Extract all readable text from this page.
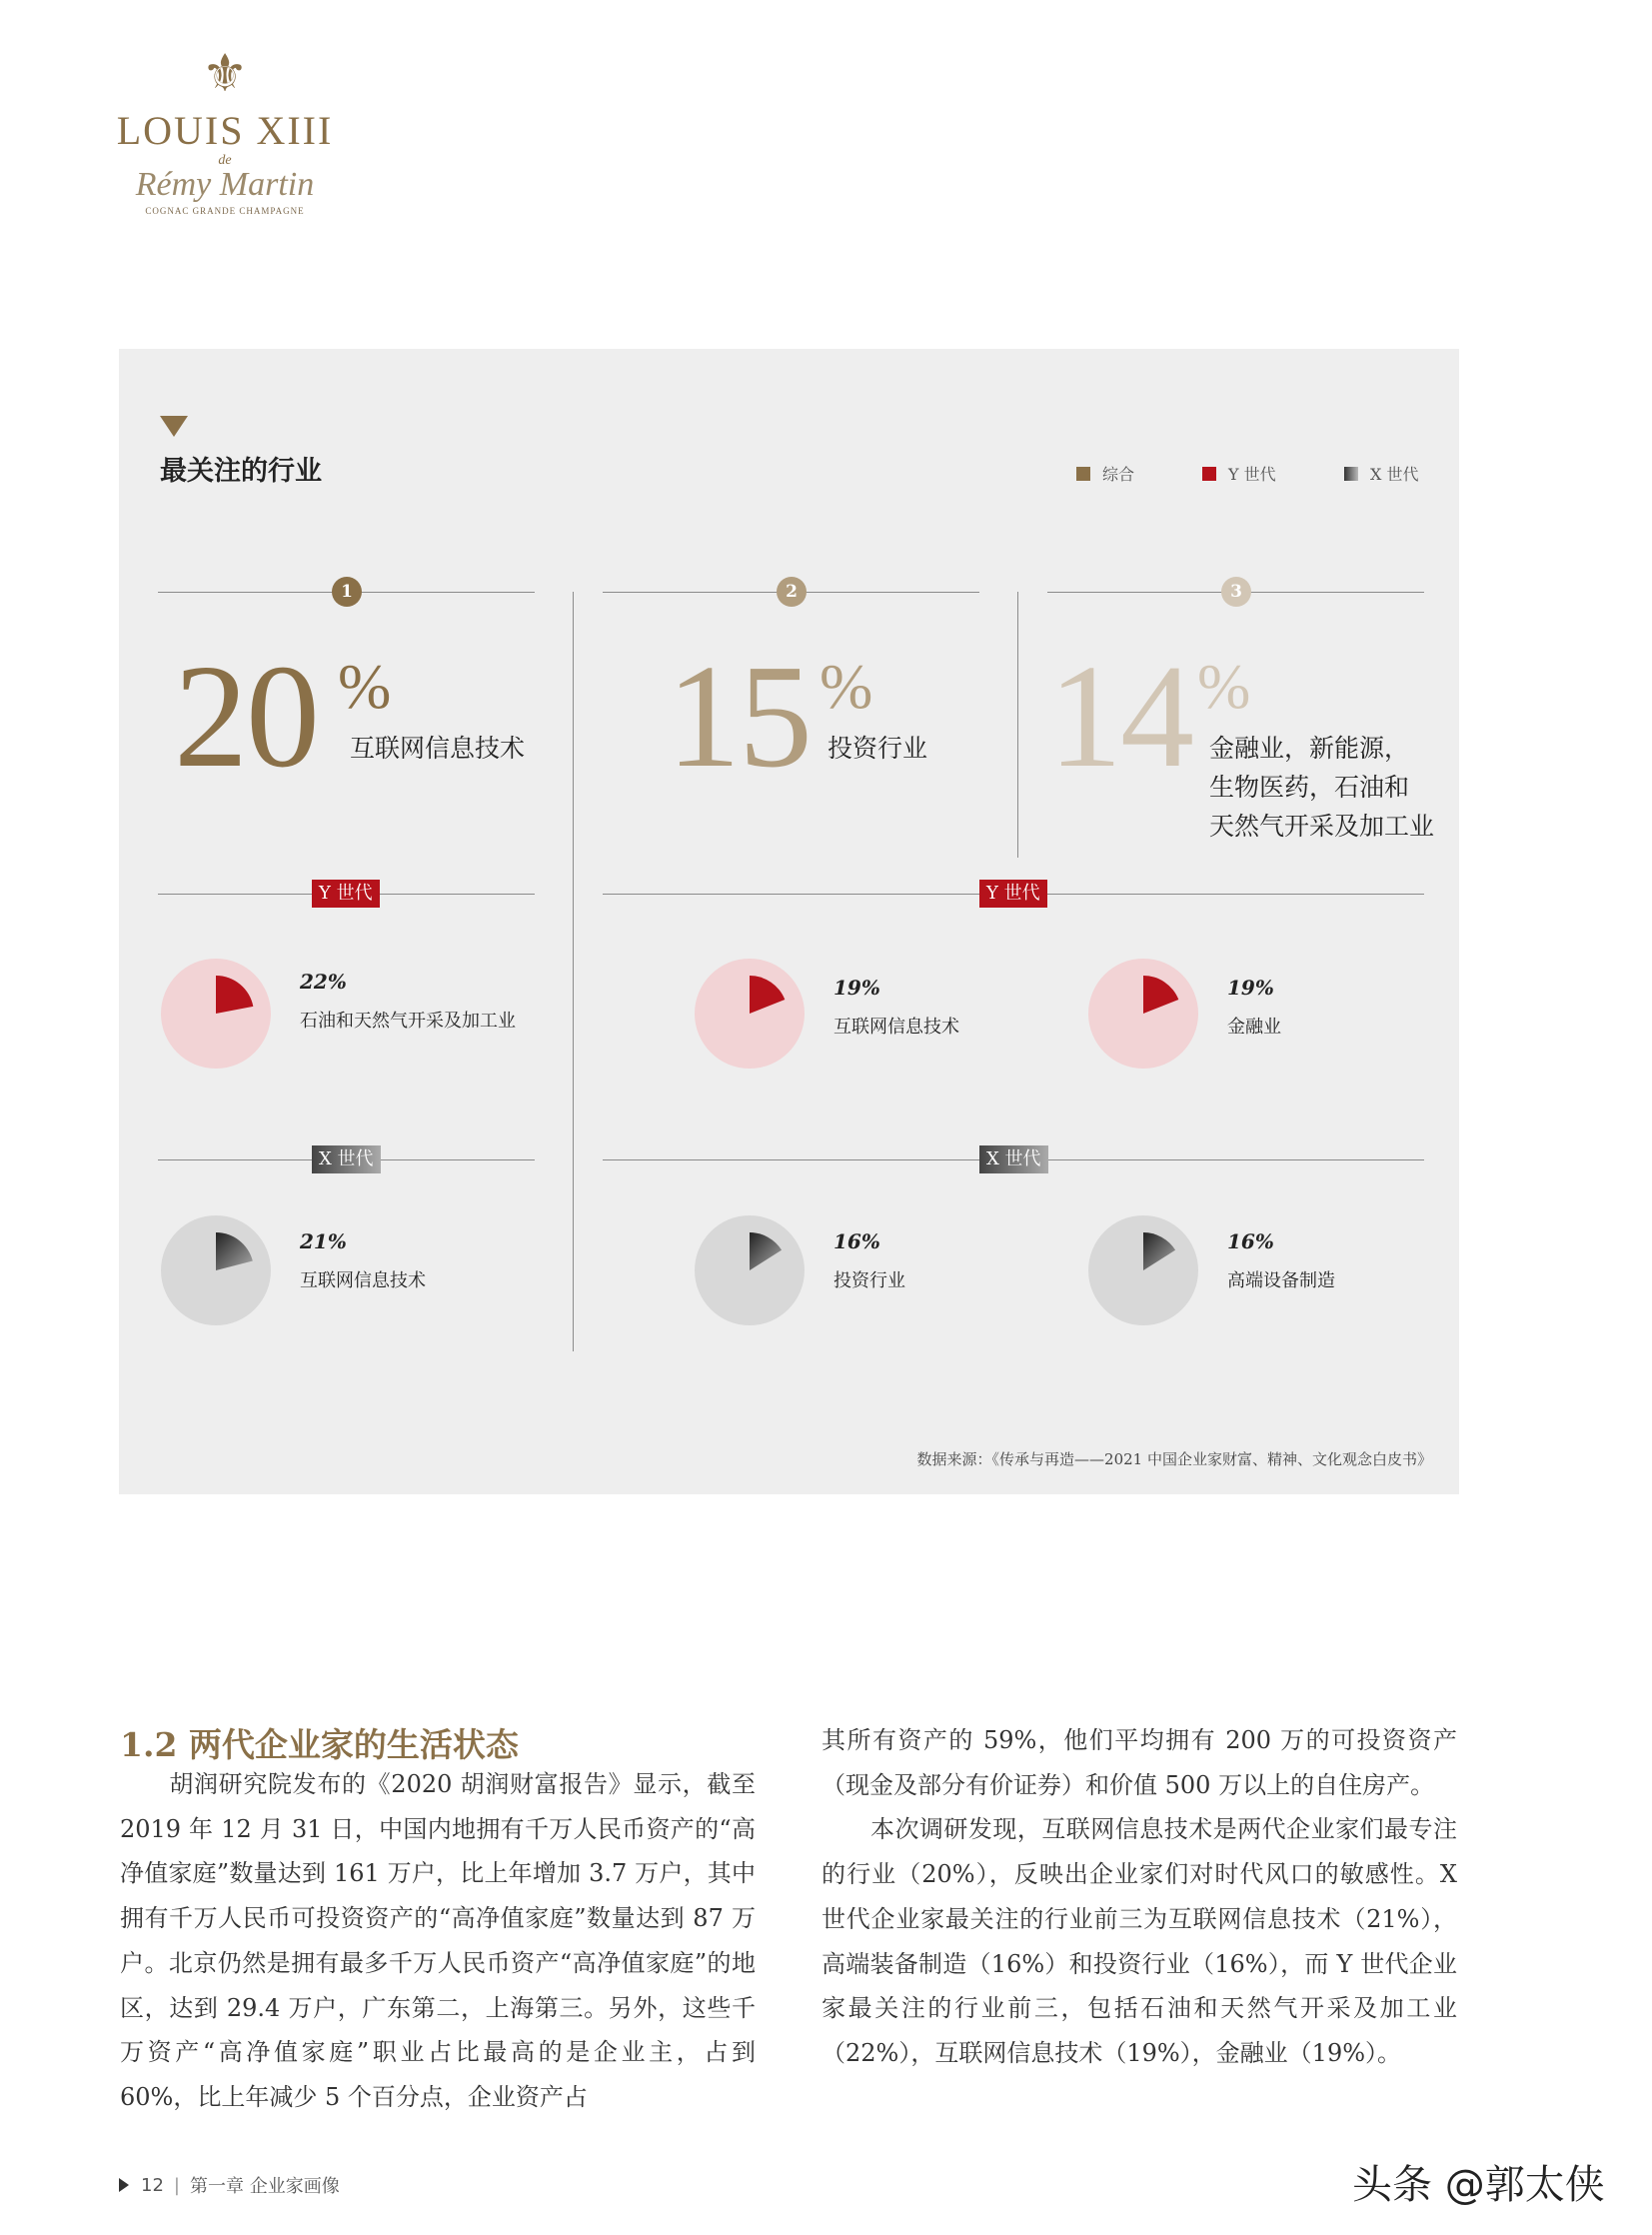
⚜
LOUIS XIII
de
Rémy Martin
COGNAC GRANDE CHAMPAGNE
最关注的行业	综合	Y 世代	X 世代
1	2	3
20 %
互联网信息技术 15 %
投资行业 14 %
金融业，新能源，
生物医药，石油和
天然气开采及加工业
Y 世代	Y 世代
22%
石油和天然气开采及加工业
19%
互联网信息技术
19%
金融业
X 世代	X 世代
21%
互联网信息技术
16%
投资行业
16%
高端设备制造
数据来源：《传承与再造——2021 中国企业家财富、精神、文化观念白皮书》
1.2 两代企业家的生活状态

　　胡润研究院发布的《2020 胡润财富报告》显示，截至 2019 年 12 月 31 日，中国内地拥有千万人民币资产的“高净值家庭”数量达到 161 万户，比上年增加 3.7 万户，其中拥有千万人民币可投资资产的“高净值家庭”数量达到 87 万户。北京仍然是拥有最多千万人民币资产“高净值家庭”的地区，达到 29.4 万户，广东第二，上海第三。另外，这些千万资产“高净值家庭”职业占比最高的是企业主，占到 60%，比上年减少 5 个百分点，企业资产占

其所有资产的 59%，他们平均拥有 200 万的可投资资产（现金及部分有价证券）和价值 500 万以上的自住房产。

　　本次调研发现，互联网信息技术是两代企业家们最专注的行业（20%），反映出企业家们对时代风口的敏感性。X 世代企业家最关注的行业前三为互联网信息技术（21%），高端装备制造（16%）和投资行业（16%），而 Y 世代企业家最关注的行业前三，包括石油和天然气开采及加工业（22%），互联网信息技术（19%），金融业（19%）。

12 | 第一章 企业家画像	头条 @郭太侠
